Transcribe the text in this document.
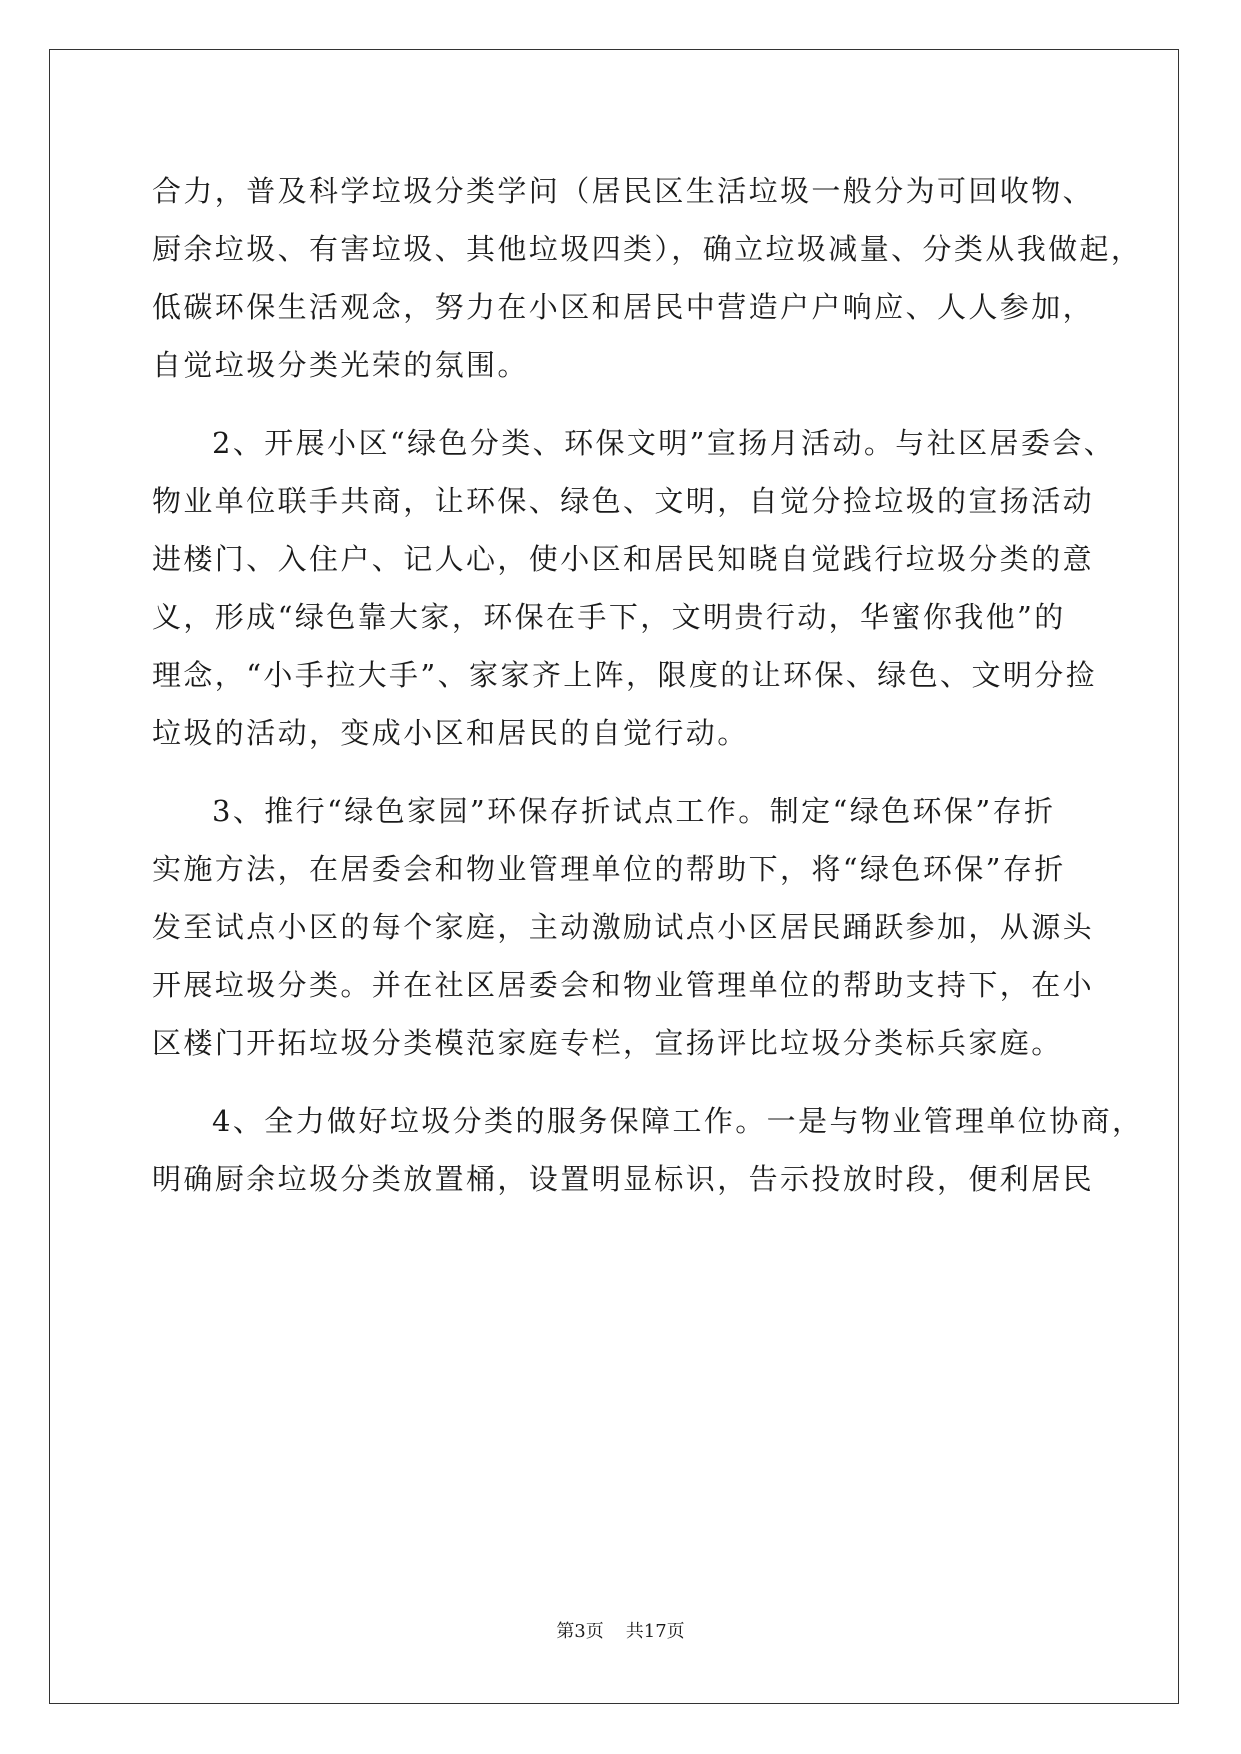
合力，普及科学垃圾分类学问（居民区生活垃圾一般分为可回收物、
厨余垃圾、有害垃圾、其他垃圾四类），确立垃圾减量、分类从我做起，
低碳环保生活观念，努力在小区和居民中营造户户响应、人人参加，
自觉垃圾分类光荣的氛围。
2、开展小区“绿色分类、环保文明”宣扬月活动。与社区居委会、
物业单位联手共商，让环保、绿色、文明，自觉分捡垃圾的宣扬活动
进楼门、入住户、记人心，使小区和居民知晓自觉践行垃圾分类的意
义，形成“绿色靠大家，环保在手下，文明贵行动，华蜜你我他”的
理念，“小手拉大手”、家家齐上阵，限度的让环保、绿色、文明分捡
垃圾的活动，变成小区和居民的自觉行动。
3、推行“绿色家园”环保存折试点工作。制定“绿色环保”存折
实施方法，在居委会和物业管理单位的帮助下，将“绿色环保”存折
发至试点小区的每个家庭，主动激励试点小区居民踊跃参加，从源头
开展垃圾分类。并在社区居委会和物业管理单位的帮助支持下，在小
区楼门开拓垃圾分类模范家庭专栏，宣扬评比垃圾分类标兵家庭。
4、全力做好垃圾分类的服务保障工作。一是与物业管理单位协商，
明确厨余垃圾分类放置桶，设置明显标识，告示投放时段，便利居民
第3页 共17页
